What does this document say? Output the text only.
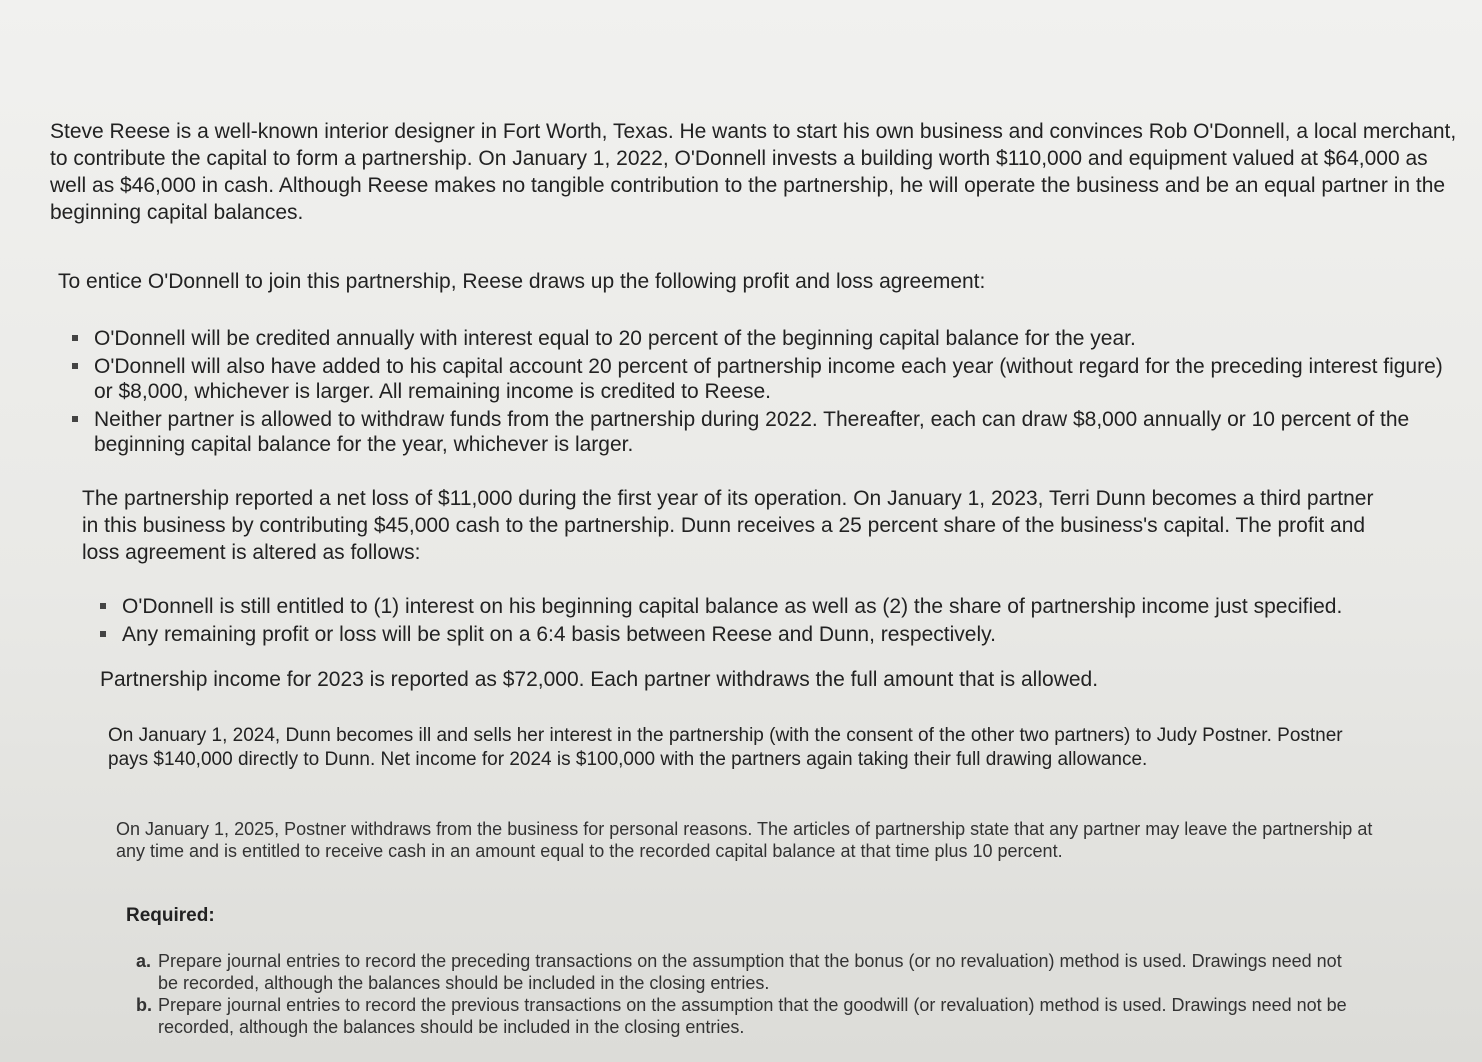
Steve Reese is a well-known interior designer in Fort Worth, Texas. He wants to start his own business and convinces Rob O'Donnell, a local merchant, to contribute the capital to form a partnership. On January 1, 2022, O'Donnell invests a building worth $110,000 and equipment valued at $64,000 as well as $46,000 in cash. Although Reese makes no tangible contribution to the partnership, he will operate the business and be an equal partner in the beginning capital balances.

To entice O'Donnell to join this partnership, Reese draws up the following profit and loss agreement:

O'Donnell will be credited annually with interest equal to 20 percent of the beginning capital balance for the year.
O'Donnell will also have added to his capital account 20 percent of partnership income each year (without regard for the preceding interest figure) or $8,000, whichever is larger. All remaining income is credited to Reese.
Neither partner is allowed to withdraw funds from the partnership during 2022. Thereafter, each can draw $8,000 annually or 10 percent of the beginning capital balance for the year, whichever is larger.

The partnership reported a net loss of $11,000 during the first year of its operation. On January 1, 2023, Terri Dunn becomes a third partner in this business by contributing $45,000 cash to the partnership. Dunn receives a 25 percent share of the business's capital. The profit and loss agreement is altered as follows:

O'Donnell is still entitled to (1) interest on his beginning capital balance as well as (2) the share of partnership income just specified.
Any remaining profit or loss will be split on a 6:4 basis between Reese and Dunn, respectively.

Partnership income for 2023 is reported as $72,000. Each partner withdraws the full amount that is allowed.

On January 1, 2024, Dunn becomes ill and sells her interest in the partnership (with the consent of the other two partners) to Judy Postner. Postner pays $140,000 directly to Dunn. Net income for 2024 is $100,000 with the partners again taking their full drawing allowance.

On January 1, 2025, Postner withdraws from the business for personal reasons. The articles of partnership state that any partner may leave the partnership at any time and is entitled to receive cash in an amount equal to the recorded capital balance at that time plus 10 percent.

Required:

a. Prepare journal entries to record the preceding transactions on the assumption that the bonus (or no revaluation) method is used. Drawings need not be recorded, although the balances should be included in the closing entries.
b. Prepare journal entries to record the previous transactions on the assumption that the goodwill (or revaluation) method is used. Drawings need not be recorded, although the balances should be included in the closing entries.
